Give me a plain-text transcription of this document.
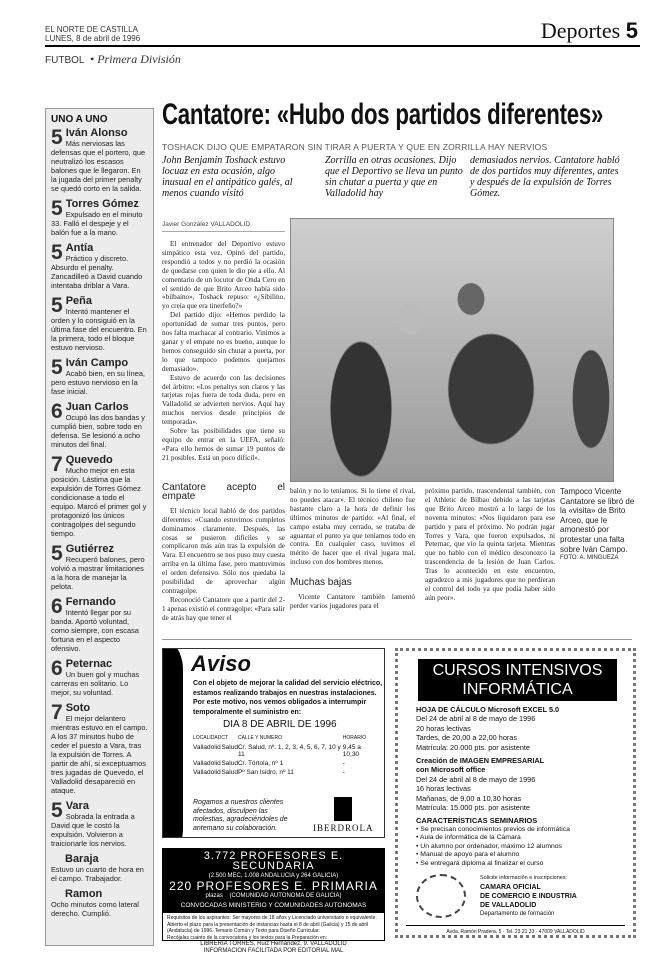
EL NORTE DE CASTILLA
LUNES, 8 de abril de 1996	Deportes 5
FUTBOL • Primera División
UNO A UNO
5 Iván Alonso
Más nerviosas las defensas que el portero, que neutralizó los escasos balones que le llegaron. En la jugada del primer penalty se quedó corto en la salida.
5 Torres Gómez
Expulsado en el minuto 33. Falló el despeje y el balón fue a la mano.
5 Antía
Práctico y discreto. Absurdo el penalty. Zancadilleó a David cuando intentaba driblar a Vara.
5 Peña
Intentó mantener el orden y lo consiguió en la última fase del encuentro. En la primera, todo el bloque estuvo nervioso.
5 Iván Campo
Acabó bien, en su línea, pero estuvo nervioso en la fase inicial.
6 Juan Carlos
Ocupó las dos bandas y cumplió bien, sobre todo en defensa. Se lesionó a ocho minutos del final.
7 Quevedo
Mucho mejor en esta posición. Lástima que la expulsión de Torres Gómez condicionase a todo el equipo. Marcó el primer gol y protagonizó los únicos contragolpes del segundo tiempo.
5 Gutiérrez
Recuperó balones, pero volvió a mostrar limitaciones a la hora de manejar la pelota.
6 Fernando
Intentó llegar por su banda. Aportó voluntad, como siempre, con escasa fortuna en el aspecto ofensivo.
6 Peternac
Un buen gol y muchas carreras en solitario. Lo mejor, su voluntad.
7 Soto
El mejor delantero mientras estuvo en el campo. A los 37 minutos hubo de ceder el puesto a Vara, tras la expulsión de Torres. A partir de ahí, si exceptuamos tres jugadas de Quevedo, el Valladolid desapareció en ataque.
5 Vara
Sobrada la entrada a David que le costó la expulsión. Volvieron a traicionarle los nervios.
Baraja
Estuvo un cuarto de hora en el campo. Trabajador.
Ramon
Ocho minutos como lateral derecho. Cumplió.
Cantatore: «Hubo dos partidos diferentes»
TOSHACK DIJO QUE EMPATARON SIN TIRAR A PUERTA Y QUE EN ZORRILLA HAY NERVIOS
John Benjamin Toshack estuvo locuaz en esta ocasión, algo inusual en el antipático galés, al menos cuando visitó
Zorrilla en otras ocasiones. Dijo que el Deportivo se lleva un punto sin chutar a puerta y que en Valladolid hay
demasiados nervios. Cantatore habló de dos partidos muy diferentes, antes y después de la expulsión de Torres Gómez.
Javier González VALLADOLID

El entrenador del Deportivo estuvo simpático esta vez. Opinó del partido, respondió a todos y no perdió la ocasión de quedarse con quien le dio pie a ello. Al comentario de un locutor de Onda Cero en el sentido de que Brito Arceo había sido «bilbaíno», Toshack repuso: «¿Sibilino, yo creía que era tinerfeño?»

Del partido dijo: «Hemos perdido la oportunidad de sumar tres puntos, pero nos falta machacar al contrario. Vinimos a ganar y el empate no es bueno, aunque lo hemos conseguido sin chutar a puerta, por lo que tampoco podemos quejarnos demasiado».

Estuvo de acuerdo con las decisiones del árbitro: «Los penaltys son claros y las tarjetas rojas fuera de toda duda, pero en Valladolid se advierten nervios. Aquí hay muchos nervios desde principios de temporada».

Sobre las posibilidades que tiene su equipo de entrar en la UEFA, señaló: «Para ello hemos de sumar 19 puntos de 21 posibles. Está un poco difícil».

Cantatore acepto el empate

El técnico local habló de dos partidos diferentes: «Cuando estuvimos completos dominamos claramente. Después, las cosas se pusieron difíciles y se complicaron más aún tras la expulsión de Vara. El encuentro se nos puso muy cuesta arriba en la última fase, pero mantuvimos el orden defensivo. Sólo nos quedaba la posibilidad de aprovechar algún contragolpe.

Reconoció Cantatore que a partir del 2-1 apenas existió el contragolpe: «Para salir de atrás hay que tener el

balón y no lo teníamos. Si lo tiene el rival, no puedes atacar». El técnico chileno fue bastante claro a la hora de definir los últimos minutos de partido: «Al final, el campo estaba muy cerrado, se trataba de aguantar el punto ya que teníamos todo en contra. En cualquier caso, tuvimos el mérito de hacer que el rival jugara mal, incluso con dos hombres menos.

Muchas bajas

Vicente Cantatore también lamentó perder varios jugadores para el

próximo partido, trascendental también, con el Athletic de Bilbao debido a las tarjetas que Brito Arceo mostró a lo largo de los noventa minutos: «Nos liquidaron para ese partido y para el próximo. No podrán jugar Torres y Vara, que fueron expulsados, ni Peternac, que vio la quinta tarjeta. Mientras que no hablo con el médico desconozco la trascendencia de la lesión de Juan Carlos. Tras lo acontecido en este encuentro, agradezco a mis jugadores que no perdieran el control del todo ya que podía haber sido aún peor».

Tampoco Vicente Cantatore se libró de la «visita» de Brito Arceo, que le amonestó por protestar una falta sobre Iván Campo.
FOTO: A. MINGUEZA
Aviso
Con el objeto de mejorar la calidad del servicio eléctrico, estamos realizando trabajos en nuestras instalaciones. Por este motivo, nos vemos obligados a interrumpir temporalmente el suministro en:
DIA 8 DE ABRIL DE 1996
LOCALIDAD	CT	CALLE Y NUMERO	HORARIO
Valladolid	Salud	C/. Salud, nº. 1, 2, 3, 4, 5, 6, 7, 10 y 11	9,45 a 10,30
Valladolid	Salud	C/. Tórtola, nº 1	-
Valladolid	Salud	Pº San Isidro, nº 11	-
Rogamos a nuestros clientes afectados, disculpen las molestias, agradeciéndoles de antemano su colaboración.	IBERDROLA
3.772 PROFESORES E. SECUNDARIA
(2.500 MEC, 1.008 ANDALUCIA y 264 GALICIA)
220 PROFESORES E. PRIMARIA
plazas (COMUNIDAD AUTONOMA DE GALICIA)
CONVOCADAS MINISTERIO Y COMUNIDADES AUTONOMAS
Requisitos de los aspirantes: Ser mayores de 18 años y Licenciado universitario o equivalente. Abierto el plazo para la presentación de instancias hasta el 8 de abril (Galicia) y 15 de abril (Andalucía) de 1996. Temario Común y Texto para Diseño Curricular.
Recójalas cuanto de la convocatoria y los textos para la Preparación en:
LIBRERIA TORRES, Ruiz Hernández, 9. VALLADOLID
INFORMACION FACILITADA POR EDITORIAL MAL
CURSOS INTENSIVOS
INFORMÁTICA
HOJA DE CÁLCULO Microsoft EXCEL 5.0
Del 24 de abril al 8 de mayo de 1996
20 horas lectivas
Tardes, de 20,00 a 22,00 horas
Matrícula: 20.000 pts. por asistente
Creación de IMAGEN EMPRESARIAL
con Microsoft office
Del 24 de abril al 8 de mayo de 1996
16 horas lectivas
Mañanas, de 9,00 a 10,30 horas
Matrícula: 15.000 pts. por asistente
CARACTERÍSTICAS SEMINARIOS
• Se precisan conocimientos previos de informática
• Aula de informática de la Cámara
• Un alumno por ordenador, máximo 12 alumnos
• Manual de apoyo para el alumno
• Se entregará diploma al finalizar el curso
Solicite información e inscripciones:
CAMARA OFICIAL
DE COMERCIO E INDUSTRIA
DE VALLADOLID
Departamento de formación
Avda. Ramón Pradera, 5 · Tel. 23 21 33 · 47009 VALLADOLID
